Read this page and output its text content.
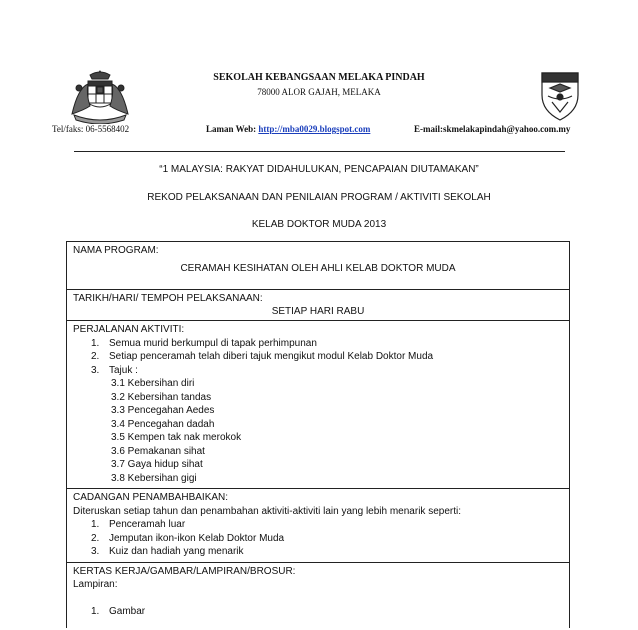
SEKOLAH KEBANGSAAN MELAKA PINDAH
78000 ALOR GAJAH, MELAKA
Tel/faks: 06-5568402	Laman Web: http://mba0029.blogspot.com	E-mail:skmelakapindah@yahoo.com.my
“1 MALAYSIA: RAKYAT DIDAHULUKAN, PENCAPAIAN DIUTAMAKAN”
REKOD PELAKSANAAN DAN PENILAIAN PROGRAM / AKTIVITI SEKOLAH
KELAB DOKTOR MUDA 2013
NAMA PROGRAM:
CERAMAH KESIHATAN OLEH AHLI KELAB DOKTOR MUDA
TARIKH/HARI/ TEMPOH PELAKSANAAN:
SETIAP HARI RABU
PERJALANAN AKTIVITI:
1. Semua murid berkumpul di tapak perhimpunan
2. Setiap penceramah telah diberi tajuk mengikut modul Kelab Doktor Muda
3. Tajuk :
3.1 Kebersihan diri
3.2 Kebersihan tandas
3.3 Pencegahan Aedes
3.4 Pencegahan dadah
3.5 Kempen tak nak merokok
3.6 Pemakanan sihat
3.7 Gaya hidup sihat
3.8 Kebersihan gigi
CADANGAN PENAMBAHBAIKAN:
Diteruskan setiap tahun dan penambahan aktiviti-aktiviti lain yang lebih menarik seperti:
1. Penceramah luar
2. Jemputan ikon-ikon Kelab Doktor Muda
3. Kuiz dan hadiah yang menarik
KERTAS KERJA/GAMBAR/LAMPIRAN/BROSUR:
Lampiran:
1. Gambar
